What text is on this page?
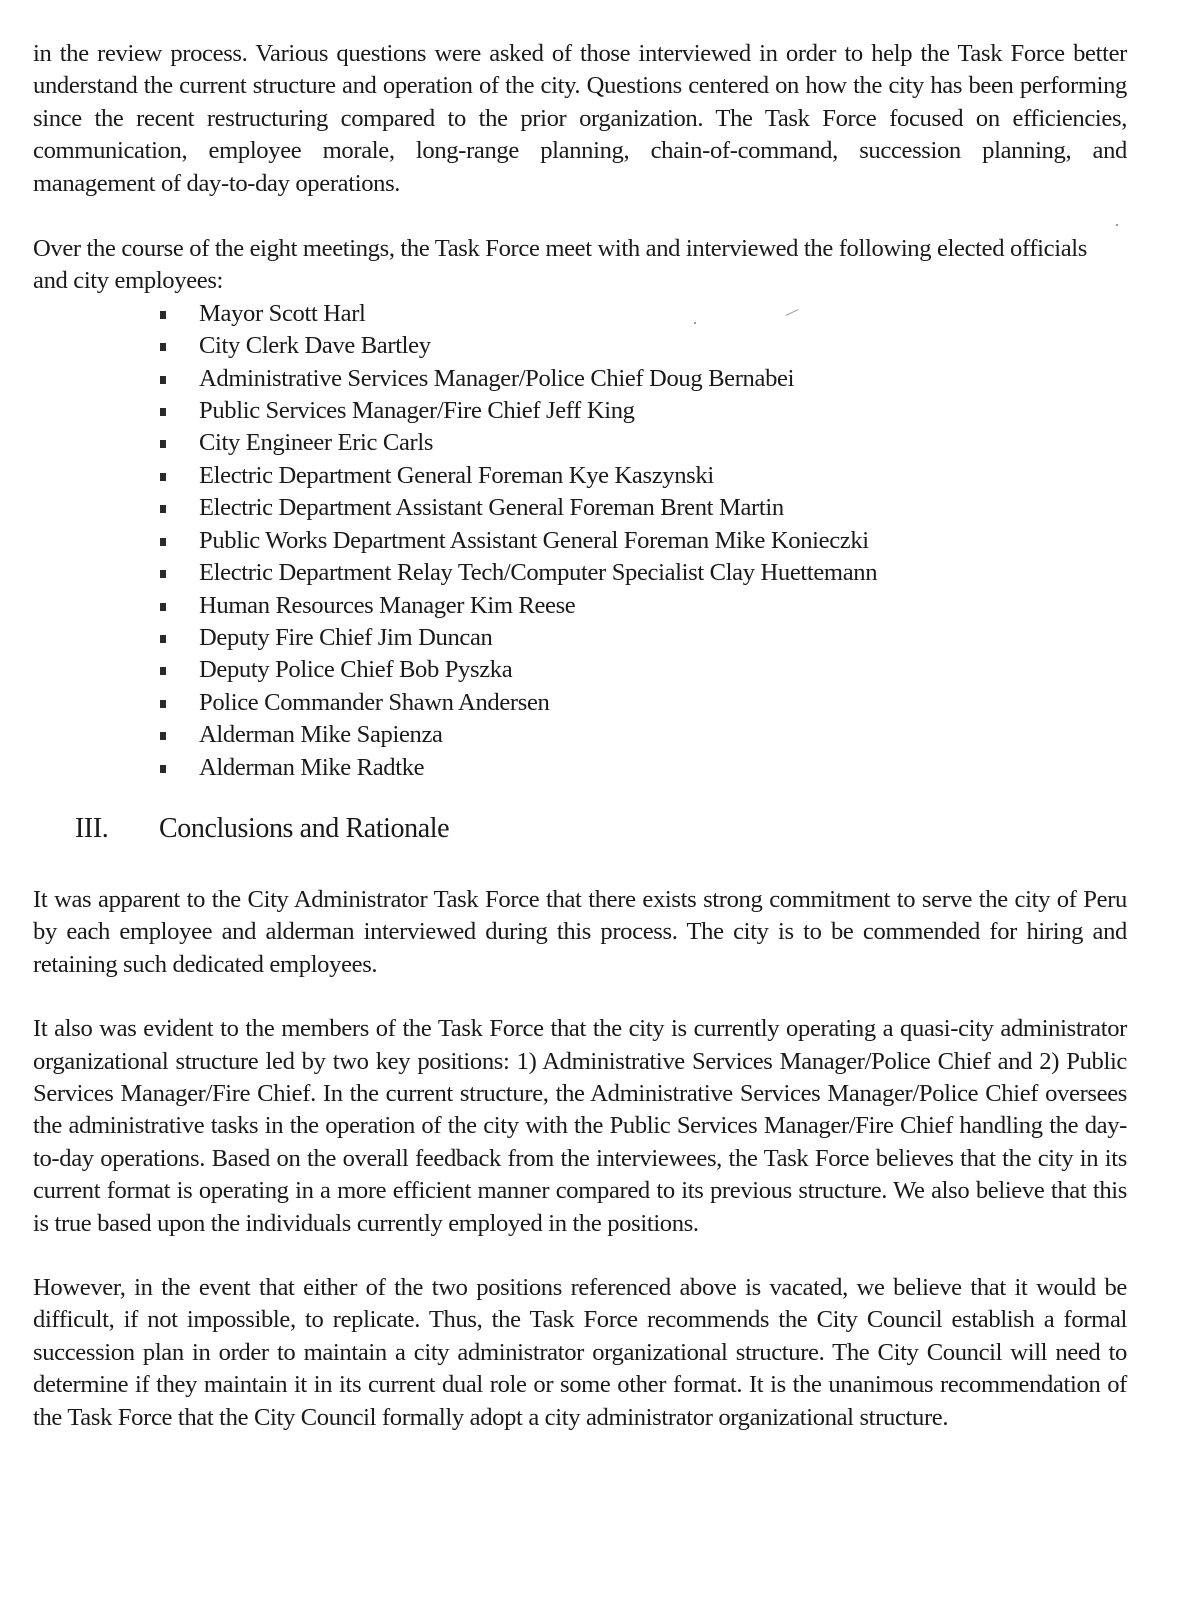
in the review process. Various questions were asked of those interviewed in order to help the Task Force better understand the current structure and operation of the city. Questions centered on how the city has been performing since the recent restructuring compared to the prior organization. The Task Force focused on efficiencies, communication, employee morale, long-range planning, chain-of-command, succession planning, and management of day-to-day operations.

Over the course of the eight meetings, the Task Force meet with and interviewed the following elected officials and city employees:

Mayor Scott Harl
City Clerk Dave Bartley
Administrative Services Manager/Police Chief Doug Bernabei
Public Services Manager/Fire Chief Jeff King
City Engineer Eric Carls
Electric Department General Foreman Kye Kaszynski
Electric Department Assistant General Foreman Brent Martin
Public Works Department Assistant General Foreman Mike Konieczki
Electric Department Relay Tech/Computer Specialist Clay Huettemann
Human Resources Manager Kim Reese
Deputy Fire Chief Jim Duncan
Deputy Police Chief Bob Pyszka
Police Commander Shawn Andersen
Alderman Mike Sapienza
Alderman Mike Radtke
III.	Conclusions and Rationale

It was apparent to the City Administrator Task Force that there exists strong commitment to serve the city of Peru by each employee and alderman interviewed during this process. The city is to be commended for hiring and retaining such dedicated employees.

It also was evident to the members of the Task Force that the city is currently operating a quasi-city administrator organizational structure led by two key positions: 1) Administrative Services Manager/Police Chief and 2) Public Services Manager/Fire Chief. In the current structure, the Administrative Services Manager/Police Chief oversees the administrative tasks in the operation of the city with the Public Services Manager/Fire Chief handling the day-to-day operations. Based on the overall feedback from the interviewees, the Task Force believes that the city in its current format is operating in a more efficient manner compared to its previous structure. We also believe that this is true based upon the individuals currently employed in the positions.

However, in the event that either of the two positions referenced above is vacated, we believe that it would be difficult, if not impossible, to replicate. Thus, the Task Force recommends the City Council establish a formal succession plan in order to maintain a city administrator organizational structure. The City Council will need to determine if they maintain it in its current dual role or some other format. It is the unanimous recommendation of the Task Force that the City Council formally adopt a city administrator organizational structure.
